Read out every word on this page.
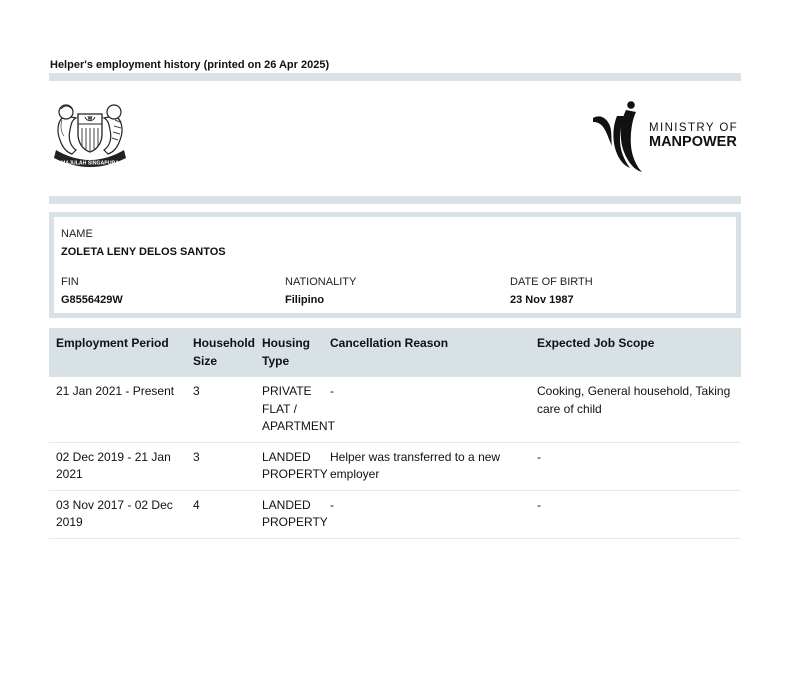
Helper's employment history (printed on 26 Apr 2025)
MAJULAH SINGAPURA
MINISTRY OF
MANPOWER
NAME
ZOLETA LENY DELOS SANTOS
FIN
G8556429W
NATIONALITY
Filipino
DATE OF BIRTH
23 Nov 1987
Employment Period	Household Size	Housing Type	Cancellation Reason	Expected Job Scope
21 Jan 2021 - Present	3	PRIVATE FLAT / APARTMENT	-	Cooking, General household, Taking care of child
02 Dec 2019 - 21 Jan 2021	3	LANDED PROPERTY	Helper was transferred to a new employer	-
03 Nov 2017 - 02 Dec 2019	4	LANDED PROPERTY	-	-
